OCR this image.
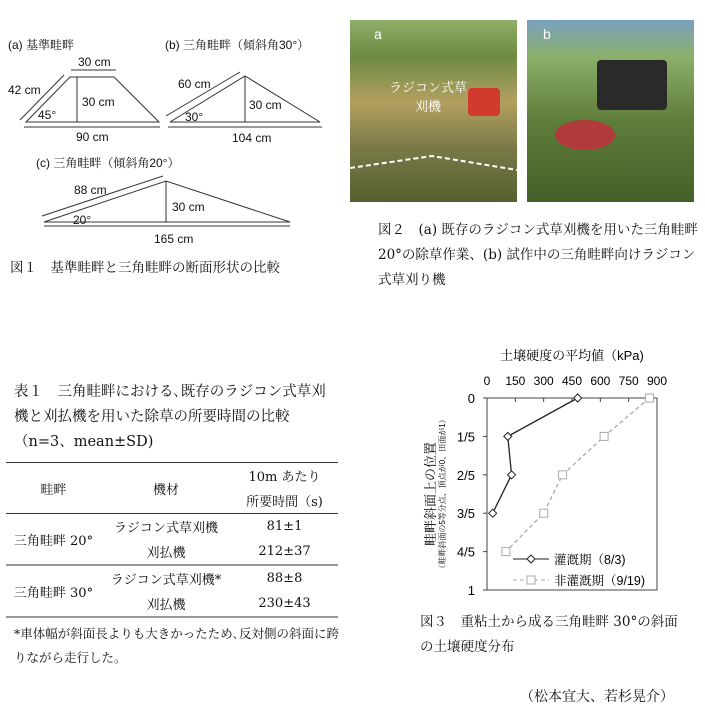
(a) 基準畦畔
30 cm
42 cm
30 cm
45°
90 cm
(b) 三角畦畔（傾斜角30°）
60 cm
30 cm
30°
104 cm
(c) 三角畦畔（傾斜角20°）
88 cm
30 cm
20°
165 cm
図１　基準畦畔と三角畦畔の断面形状の比較
a
ラジコン式草刈機
b
図２　(a) 既存のラジコン式草刈機を用いた三角畦畔 20°の除草作業、(b) 試作中の三角畦畔向けラジコン式草刈り機
表１　三角畦畔における､既存のラジコン式草刈機と刈払機を用いた除草の所要時間の比較（n=3、mean±SD)
畦畔	機材	10m あたり
		所要時間（s)
三角畦畔 20°	ラジコン式草刈機	81±1
	刈払機	212±37
三角畦畔 30°	ラジコン式草刈機*	88±8
	刈払機	230±43
*車体幅が斜面長よりも大きかったため､反対側の斜面に跨りながら走行した。
土壌硬度の平均値（kPa)
0 150 300 450 600 750 900
0
1/5
2/5
3/5
4/5
1
畦畔斜面上の位置 （畦畔斜面の5等分点、頂点が0、田面が1）	灌漑期（8/3)
非灌漑期（9/19)
図３　重粘土から成る三角畦畔 30°の斜面の土壌硬度分布
（松本宜大、若杉晃介）
